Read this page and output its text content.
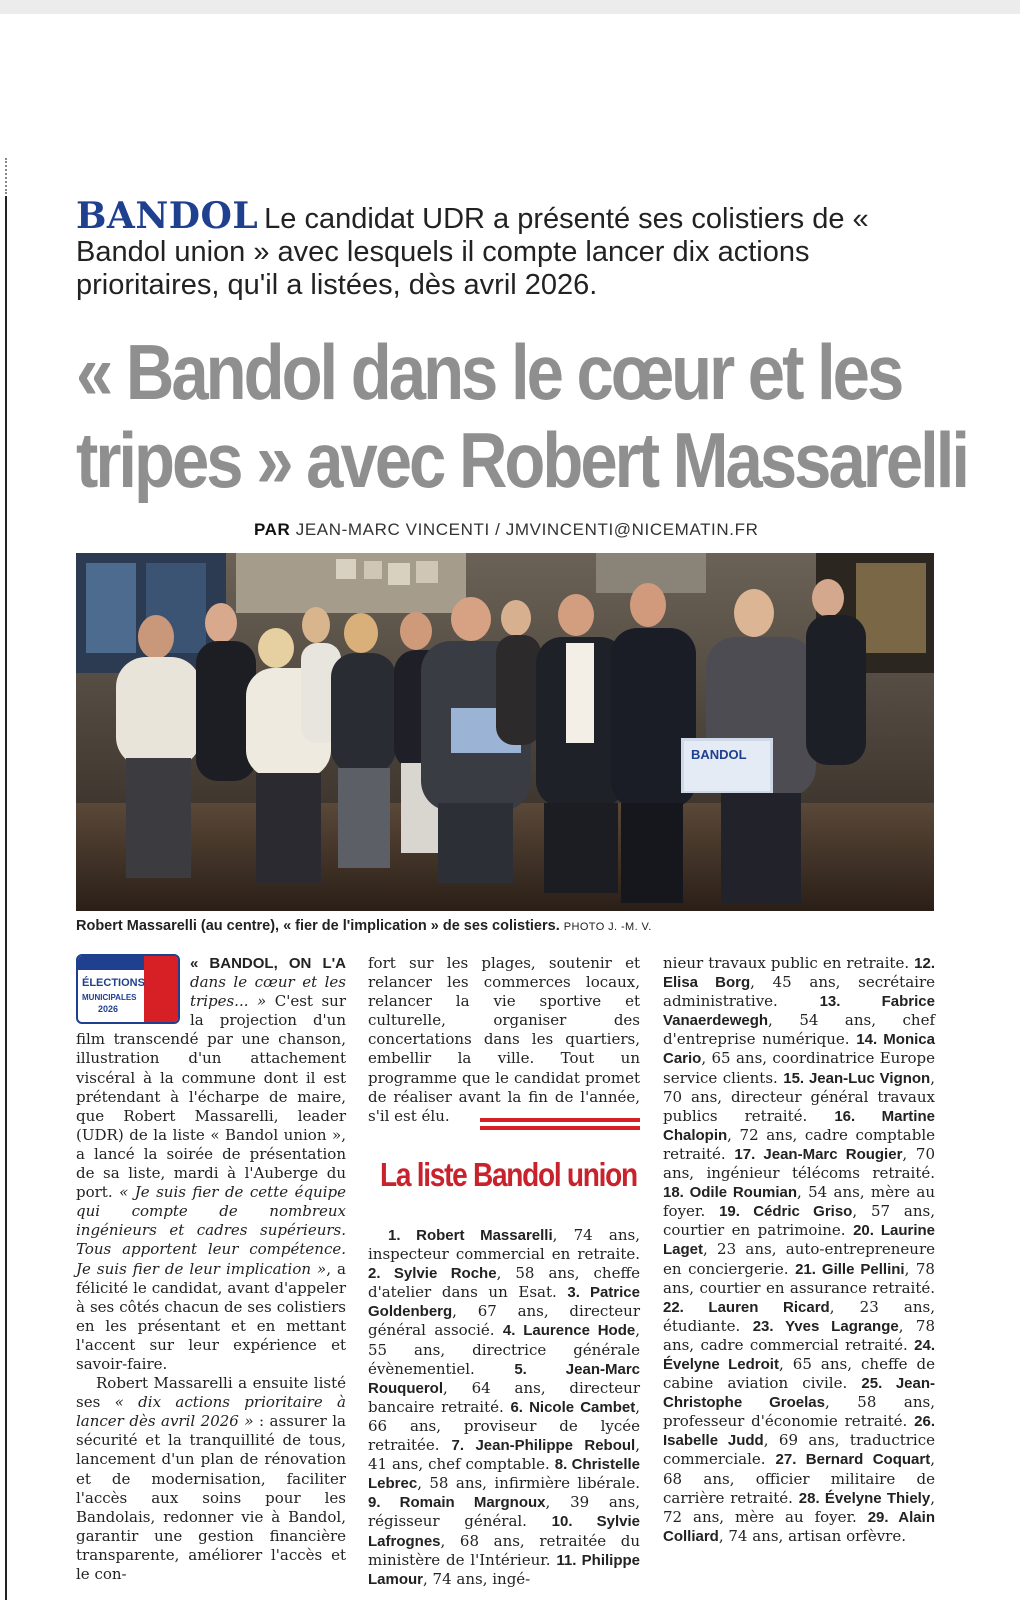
BANDOL Le candidat UDR a présenté ses colistiers de « Bandol union » avec lesquels il compte lancer dix actions prioritaires, qu'il a listées, dès avril 2026.
« Bandol dans le cœur et les
tripes » avec Robert Massarelli
PAR JEAN-MARC VINCENTI / JMVINCENTI@NICEMATIN.FR
BANDOL
Robert Massarelli (au centre), « fier de l'implication » de ses colistiers. PHOTO J. -M. V.
ÉLECTIONS
MUNICIPALES
2026

« BANDOL, ON L'A dans le cœur et les tripes... » C'est sur la projection d'un film transcendé par une chanson, illustration d'un attachement viscéral à la commune dont il est prétendant à l'écharpe de maire, que Robert Massarelli, leader (UDR) de la liste « Bandol union », a lancé la soirée de présentation de sa liste, mardi à l'Auberge du port. « Je suis fier de cette équipe qui compte de nombreux ingénieurs et cadres supérieurs. Tous apportent leur compétence. Je suis fier de leur implication », a félicité le candidat, avant d'appeler à ses côtés chacun de ses colistiers en les présentant et en mettant l'accent sur leur expérience et savoir-faire.

Robert Massarelli a ensuite listé ses « dix actions prioritaire à lancer dès avril 2026 » : assurer la sécurité et la tranquillité de tous, lancement d'un plan de rénovation et de modernisation, faciliter l'accès aux soins pour les Bandolais, redonner vie à Bandol, garantir une gestion financière transparente, améliorer l'accès et le con-

fort sur les plages, soutenir et relancer les commerces locaux, relancer la vie sportive et culturelle, organiser des concertations dans les quartiers, embellir la ville. Tout un programme que le candidat promet de réaliser avant la fin de l'année, s'il est élu.

La liste Bandol union

1. Robert Massarelli, 74 ans, inspecteur commercial en retraite. 2. Sylvie Roche, 58 ans, cheffe d'atelier dans un Esat. 3. Patrice Goldenberg, 67 ans, directeur général associé. 4. Laurence Hode, 55 ans, directrice générale évènementiel. 5. Jean-Marc Rouquerol, 64 ans, directeur bancaire retraité. 6. Nicole Cambet, 66 ans, proviseur de lycée retraitée. 7. Jean-Philippe Reboul, 41 ans, chef comptable. 8. Christelle Lebrec, 58 ans, infirmière libérale. 9. Romain Margnoux, 39 ans, régisseur général. 10. Sylvie Lafrognes, 68 ans, retraitée du ministère de l'Intérieur. 11. Philippe Lamour, 74 ans, ingé-

nieur travaux public en retraite. 12. Elisa Borg, 45 ans, secrétaire administrative. 13. Fabrice Vanaerdewegh, 54 ans, chef d'entreprise numérique. 14. Monica Cario, 65 ans, coordinatrice Europe service clients. 15. Jean-Luc Vignon, 70 ans, directeur général travaux publics retraité. 16. Martine Chalopin, 72 ans, cadre comptable retraité. 17. Jean-Marc Rougier, 70 ans, ingénieur télécoms retraité. 18. Odile Roumian, 54 ans, mère au foyer. 19. Cédric Griso, 57 ans, courtier en patrimoine. 20. Laurine Laget, 23 ans, auto-entrepreneure en conciergerie. 21. Gille Pellini, 78 ans, courtier en assurance retraité. 22. Lauren Ricard, 23 ans, étudiante. 23. Yves Lagrange, 78 ans, cadre commercial retraité. 24. Évelyne Ledroit, 65 ans, cheffe de cabine aviation civile. 25. Jean-Christophe Groelas, 58 ans, professeur d'économie retraité. 26. Isabelle Judd, 69 ans, traductrice commerciale. 27. Bernard Coquart, 68 ans, officier militaire de carrière retraité. 28. Évelyne Thiely, 72 ans, mère au foyer. 29. Alain Colliard, 74 ans, artisan orfèvre.
